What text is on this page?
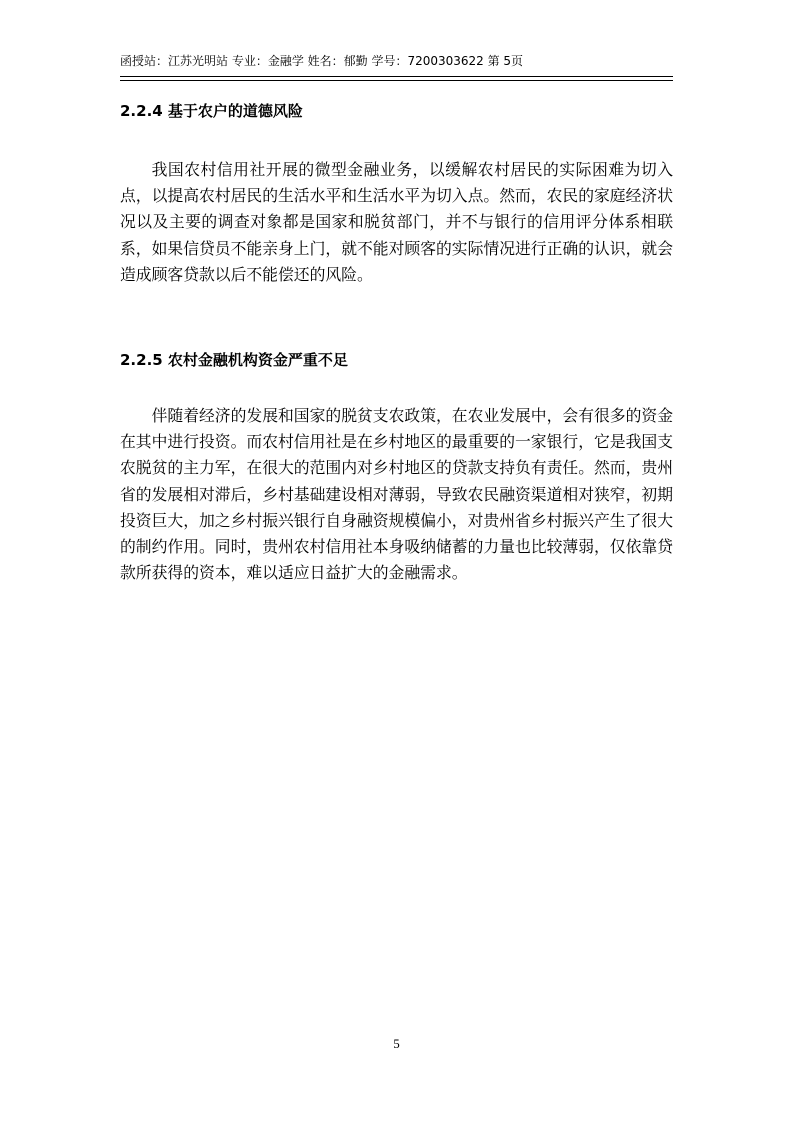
函授站：江苏光明站 专业：金融学 姓名：郁勤 学号：7200303622 第 5页
2.2.4 基于农户的道德风险

我国农村信用社开展的微型金融业务，以缓解农村居民的实际困难为切入点，以提高农村居民的生活水平和生活水平为切入点。然而，农民的家庭经济状况以及主要的调查对象都是国家和脱贫部门，并不与银行的信用评分体系相联系，如果信贷员不能亲身上门，就不能对顾客的实际情况进行正确的认识，就会造成顾客贷款以后不能偿还的风险。

2.2.5 农村金融机构资金严重不足

伴随着经济的发展和国家的脱贫支农政策，在农业发展中，会有很多的资金在其中进行投资。而农村信用社是在乡村地区的最重要的一家银行，它是我国支农脱贫的主力军，在很大的范围内对乡村地区的贷款支持负有责任。然而，贵州省的发展相对滞后，乡村基础建设相对薄弱，导致农民融资渠道相对狭窄，初期投资巨大，加之乡村振兴银行自身融资规模偏小，对贵州省乡村振兴产生了很大的制约作用。同时，贵州农村信用社本身吸纳储蓄的力量也比较薄弱，仅依靠贷款所获得的资本，难以适应日益扩大的金融需求。

5
